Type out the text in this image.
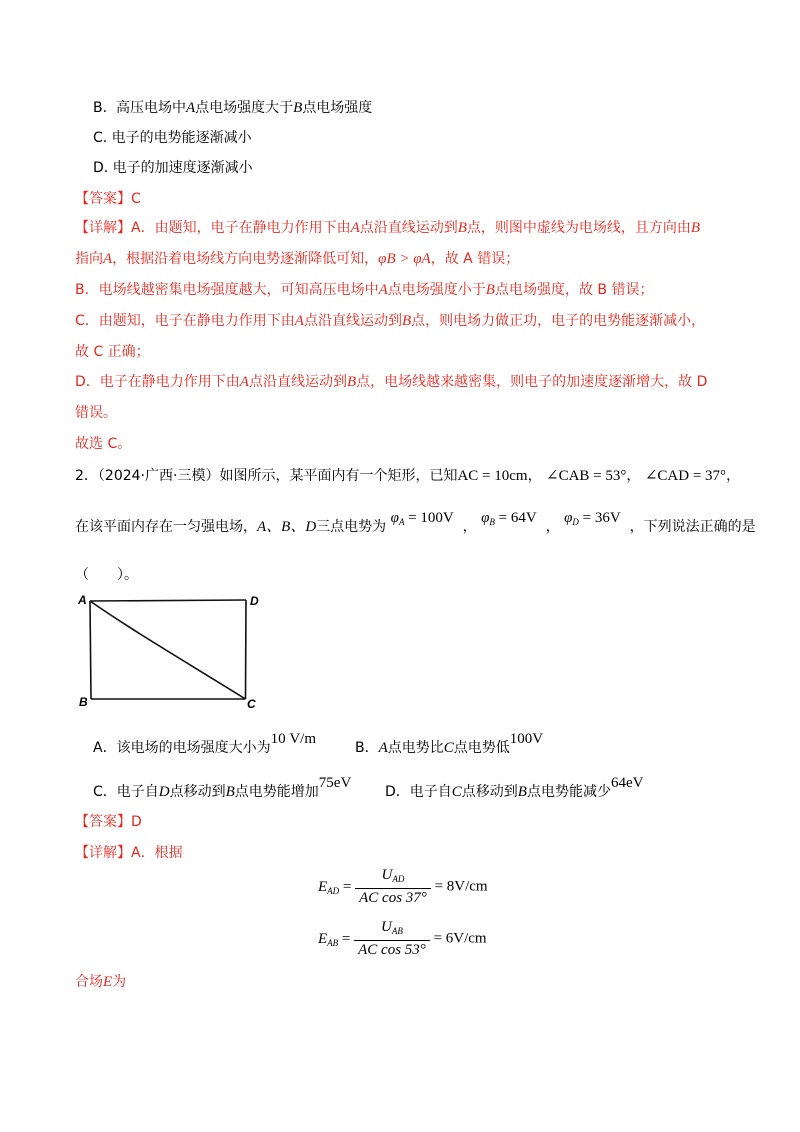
B. 高压电场中A点电场强度大于B点电场强度
C. 电子的电势能逐渐减小
D. 电子的加速度逐渐减小
【答案】C
【详解】A．由题知，电子在静电力作用下由A点沿直线运动到B点，则图中虚线为电场线，且方向由B
指向A，根据沿着电场线方向电势逐渐降低可知，φB > φA，故 A 错误；
B．电场线越密集电场强度越大，可知高压电场中A点电场强度小于B点电场强度，故 B 错误；
C．由题知，电子在静电力作用下由A点沿直线运动到B点，则电场力做正功，电子的电势能逐渐减小，
故 C 正确；
D．电子在静电力作用下由A点沿直线运动到B点，电场线越来越密集，则电子的加速度逐渐增大，故 D
错误。
故选 C。
2．（2024·广西·三模）如图所示，某平面内有一个矩形，已知AC = 10cm， ∠CAB = 53°， ∠CAD = 37°，
在该平面内存在一匀强电场，A、B、D三点电势为 $\varphi_A = 100V$  ， $\varphi_B = 64V$  ， $\varphi_D = 36V$  ，下列说法正确的是
（　　）。
A	D
B	C
A．该电场的电场强度大小为10 V/m
B．A点电势比C点电势低100V
C．电子自D点移动到B点电势能增加75eV
D．电子自C点移动到B点电势能减少64eV
【答案】D
【详解】A．根据
$E_{AD} = \frac{U_{AD}}{\text{AC cos 37°}} = 8V/cm$
$E_{AB} = \frac{U_{AB}}{\text{AC cos 53°}} = 6V/cm$
合场E为
